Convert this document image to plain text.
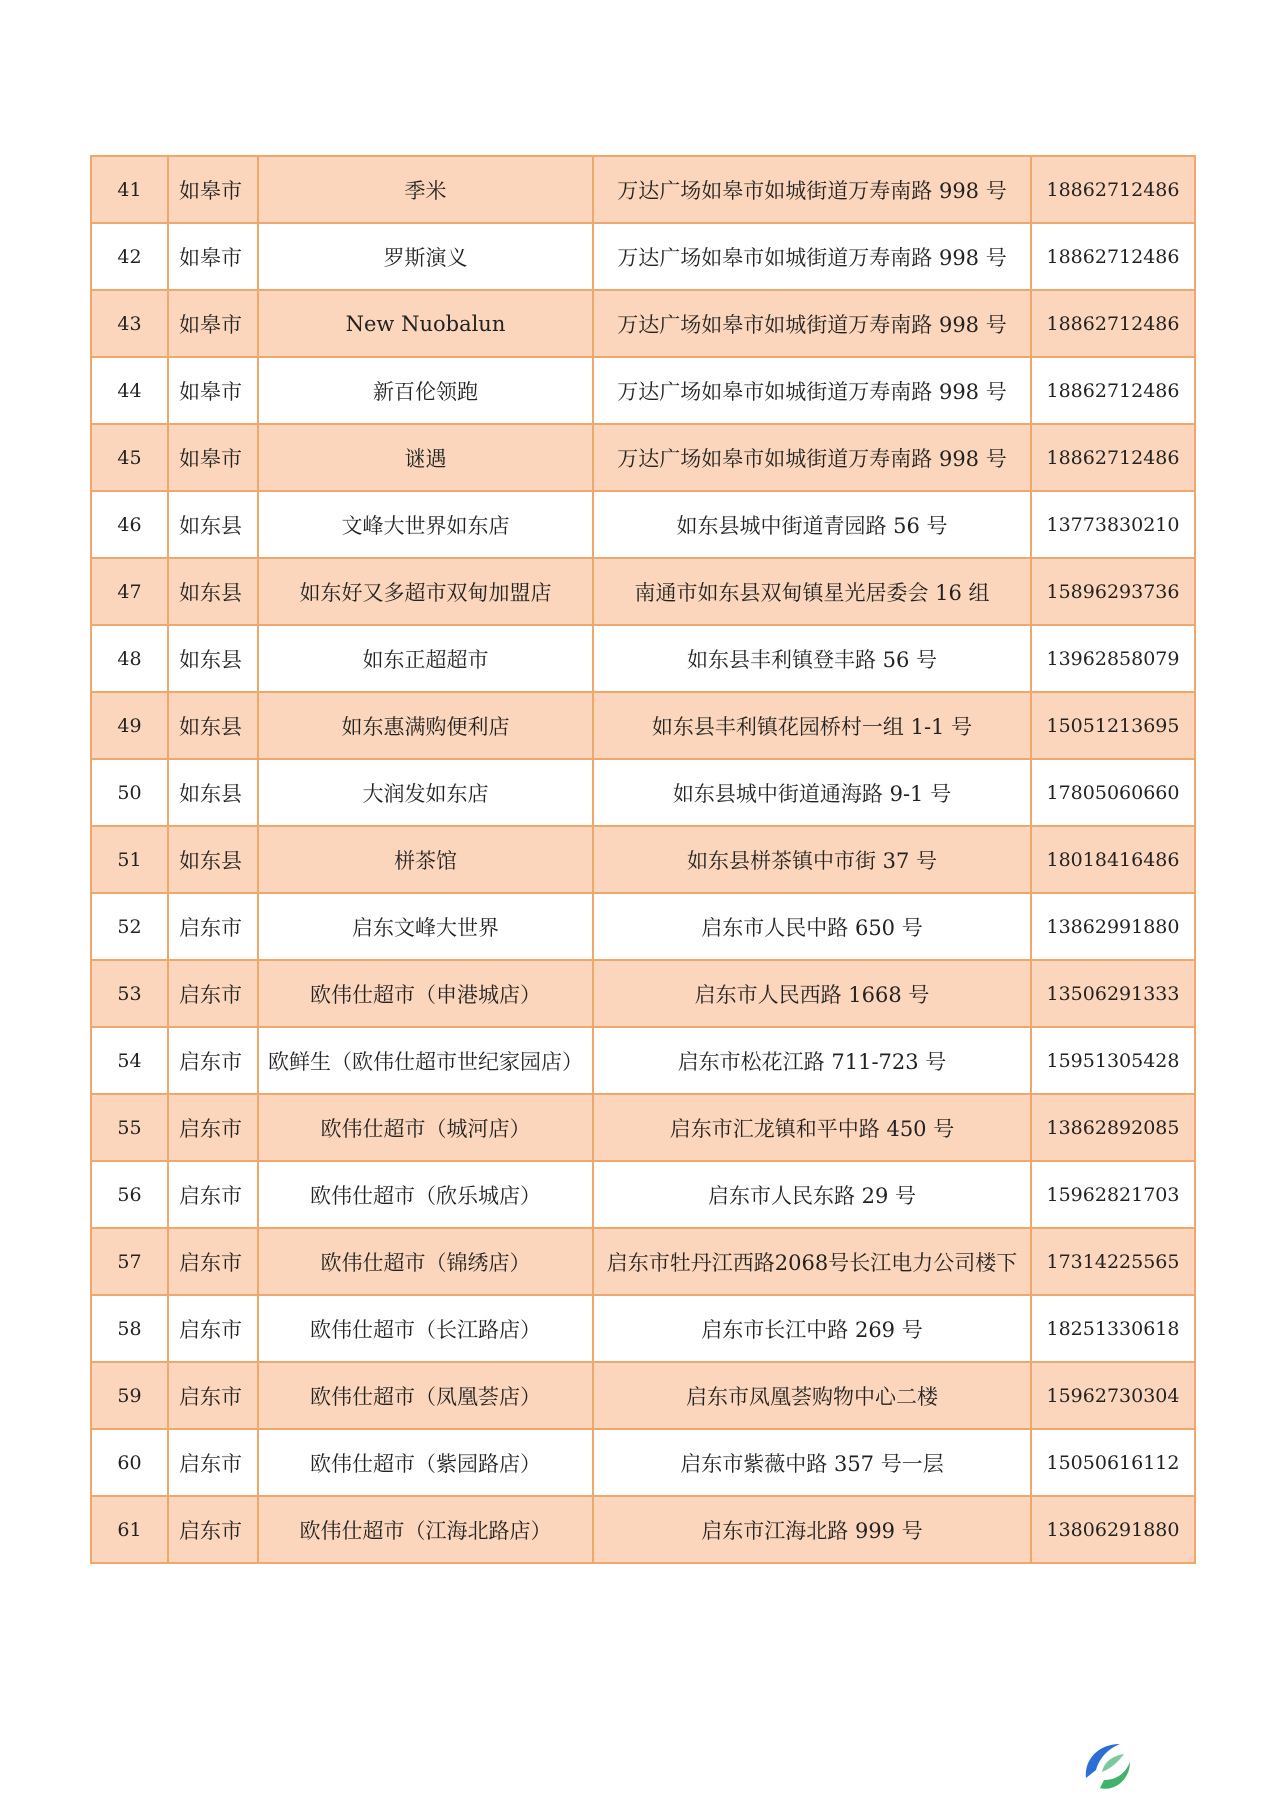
41	如皋市	季米	万达广场如皋市如城街道万寿南路 998 号	18862712486
42	如皋市	罗斯演义	万达广场如皋市如城街道万寿南路 998 号	18862712486
43	如皋市	New Nuobalun	万达广场如皋市如城街道万寿南路 998 号	18862712486
44	如皋市	新百伦领跑	万达广场如皋市如城街道万寿南路 998 号	18862712486
45	如皋市	谜遇	万达广场如皋市如城街道万寿南路 998 号	18862712486
46	如东县	文峰大世界如东店	如东县城中街道青园路 56 号	13773830210
47	如东县	如东好又多超市双甸加盟店	南通市如东县双甸镇星光居委会 16 组	15896293736
48	如东县	如东正超超市	如东县丰利镇登丰路 56 号	13962858079
49	如东县	如东惠满购便利店	如东县丰利镇花园桥村一组 1-1 号	15051213695
50	如东县	大润发如东店	如东县城中街道通海路 9-1 号	17805060660
51	如东县	栟茶馆	如东县栟茶镇中市街 37 号	18018416486
52	启东市	启东文峰大世界	启东市人民中路 650 号	13862991880
53	启东市	欧伟仕超市（申港城店）	启东市人民西路 1668 号	13506291333
54	启东市	欧鲜生（欧伟仕超市世纪家园店）	启东市松花江路 711-723 号	15951305428
55	启东市	欧伟仕超市（城河店）	启东市汇龙镇和平中路 450 号	13862892085
56	启东市	欧伟仕超市（欣乐城店）	启东市人民东路 29 号	15962821703
57	启东市	欧伟仕超市（锦绣店）	启东市牡丹江西路2068号长江电力公司楼下	17314225565
58	启东市	欧伟仕超市（长江路店）	启东市长江中路 269 号	18251330618
59	启东市	欧伟仕超市（凤凰荟店）	启东市凤凰荟购物中心二楼	15962730304
60	启东市	欧伟仕超市（紫园路店）	启东市紫薇中路 357 号一层	15050616112
61	启东市	欧伟仕超市（江海北路店）	启东市江海北路 999 号	13806291880
